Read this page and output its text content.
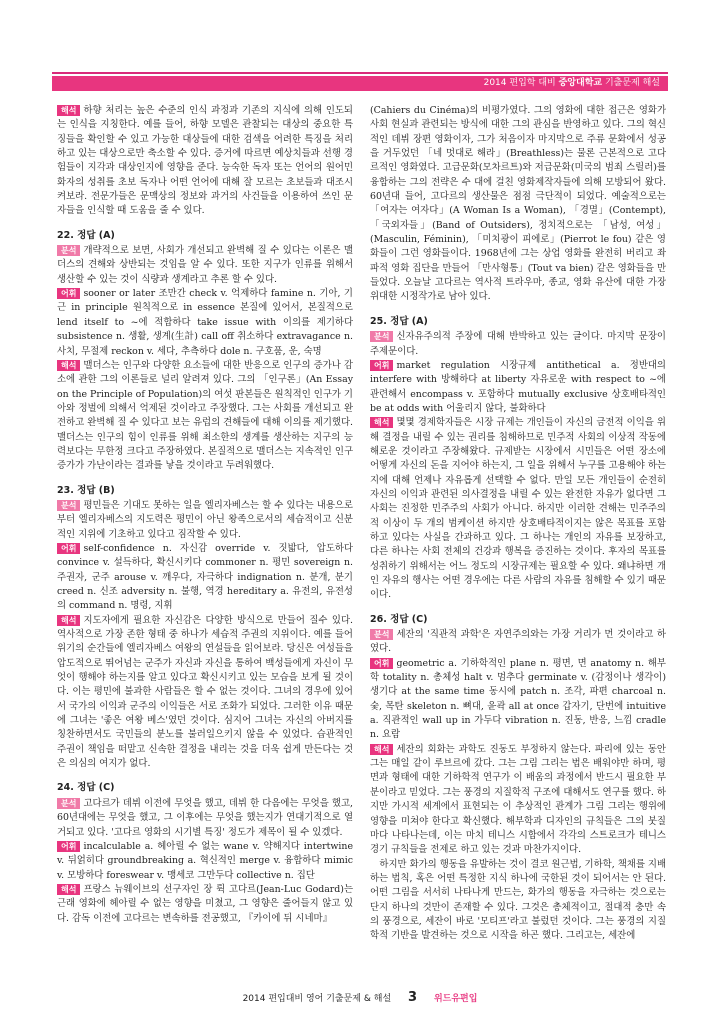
2014 편입학 대비 중앙대학교 기출문제 해설

해석 하향 처리는 높은 수준의 인식 과정과 기존의 지식에 의해 인도되는 인식을 지칭한다. 예를 들어, 하향 모델은 관찰되는 대상의 중요한 특징들을 확인할 수 있고 가능한 대상들에 대한 검색을 어려한 특징을 처리하고 있는 대상으로만 축소할 수 있다. 증거에 따르면 예상치들과 선행 경험들이 지각과 대상인지에 영향을 준다. 능숙한 독자 또는 언어의 원어민 화자의 성취를 초보 독자나 어떤 언어에 대해 잘 모르는 초보들과 대조시켜보라. 전문가들은 문맥상의 정보와 과거의 사건들을 이용하여 쓰인 문자들을 인식할 때 도움을 줄 수 있다.

22. 정답 (A)

분석 개략적으로 보면, 사회가 개선되고 완벽해 질 수 있다는 이론은 맬더스의 견해와 상반되는 것임을 알 수 있다. 또한 지구가 인류를 위해서 생산할 수 있는 것이 식량과 생계라고 추론 할 수 있다.

어휘 sooner or later 조만간 check v. 억제하다 famine n. 기아, 기근 in principle 원칙적으로 in essence 본질에 있어서, 본질적으로 lend itself to ~에 적합하다 take issue with 이의를 제기하다 subsistence n. 생활, 생계(生計) call off 취소하다 extravagance n. 사치, 무절제 reckon v. 세다, 추측하다 dole n. 구호품, 운, 숙명

해석 맬더스는 인구와 다양한 요소들에 대한 반응으로 인구의 증가나 감소에 관한 그의 이론들로 널리 알려져 있다. 그의 「인구론」(An Essay on the Principle of Population)의 여섯 판본들은 원칙적인 인구가 기아와 정벌에 의해서 억제된 것이라고 주장했다. 그는 사회를 개선되고 완전하고 완벽해 질 수 있다고 보는 유럽의 견해들에 대해 이의를 제기했다. 맬더스는 인구의 힘이 인류를 위해 최소한의 생계를 생산하는 지구의 능력보다는 무한정 크다고 주장하였다. 본질적으로 맬더스는 지속적인 인구증가가 가난이라는 결과를 낳을 것이라고 두려워했다.

23. 정답 (B)

분석 평민들은 기대도 못하는 일을 엘리자베스는 할 수 있다는 내용으로부터 엘리자베스의 지도력은 평민이 아닌 왕족으로서의 세습적이고 신분적인 지위에 기초하고 있다고 짐작할 수 있다.

어휘 self-confidence n. 자신감 override v. 짓밟다, 압도하다 convince v. 설득하다, 확신시키다 commoner n. 평민 sovereign n. 주권자, 군주 arouse v. 깨우다, 자극하다 indignation n. 분개, 분기 creed n. 신조 adversity n. 불행, 역경 hereditary a. 유전의, 유전성의 command n. 명령, 지휘

해석 지도자에게 필요한 자신감은 다양한 방식으로 만들어 질수 있다. 역사적으로 가장 존한 형태 중 하나가 세습적 주권의 지위이다. 예를 들어 위기의 순간들에 엘리자베스 여왕의 연설들을 읽어보라. 당신은 여성들을 압도적으로 뛰어넘는 군주가 자신과 자신을 통하여 백성들에게 자신이 무엇이 행해야 하는지를 알고 있다고 확신시키고 있는 모습을 보게 될 것이다. 이는 평민에 불과한 사람들은 할 수 없는 것이다. 그녀의 경우에 있어서 국가의 이익과 군주의 이익들은 서로 조화가 되었다. 그러한 이유 때문에 그녀는 '좋은 여왕 베스'였던 것이다. 심지어 그녀는 자신의 아버지를 칭찬하면서도 국민들의 분노를 불러일으키지 않을 수 있었다. 습관적인 주권이 책임을 떠맡고 신속한 결정을 내리는 것을 더욱 쉽게 만든다는 것은 의심의 여지가 없다.

24. 정답 (C)

분석 고다르가 데뷔 이전에 무엇을 했고, 데뷔 한 다음에는 무엇을 했고, 60년대에는 무엇을 했고, 그 이후에는 무엇을 했는지가 연대기적으로 열거되고 있다. '고다르 영화의 시기별 특징' 정도가 제목이 될 수 있겠다.

어휘 incalculable a. 헤아릴 수 없는 wane v. 약해지다 intertwine v. 뒤얽히다 groundbreaking a. 혁신적인 merge v. 융합하다 mimic v. 모방하다 foreswear v. 맹세코 그만두다 collective n. 집단

해석 프랑스 뉴웨이브의 선구자인 장 뤽 고다르(Jean-Luc Godard)는 근래 영화에 헤아릴 수 없는 영향을 미쳤고, 그 영향은 줄어들지 않고 있다. 감독 이전에 고다르는 변속하를 전공했고, 『카이에 뒤 시네마』

(Cahiers du Cinéma)의 비평가였다. 그의 영화에 대한 접근은 영화가 사회 현실과 관련되는 방식에 대한 그의 관심을 반영하고 있다. 그의 혁신적인 데뷔 장편 영화이자, 그가 처음이자 마지막으로 주류 문화에서 성공을 거두었던 「네 멋대로 해라」(Breathless)는 물론 근본적으로 고다르적인 영화였다. 고급문화(모차르트)와 저급문화(미국의 범죄 스릴러)를 융합하는 그의 전략은 수 대에 걸친 영화제작자들에 의해 모방되어 왔다. 60년대 들어, 고다르의 생산물은 점점 극단적이 되었다. 예술적으로는 「여자는 여자다」(A Woman Is a Woman), 「경멸」(Contempt), 「국외자들」(Band of Outsiders), 정치적으로는 「남성, 여성」(Masculin, Féminin), 「미치광이 피에로」(Pierrot le fou) 같은 영화들이 그런 영화들이다. 1968년에 그는 상업 영화를 완전히 버리고 좌파적 영화 집단을 만들어 「만사형통」(Tout va bien) 같은 영화들을 만들었다. 오늘날 고다르는 역사적 트라우마, 종교, 영화 유산에 대한 가장 위대한 시정작가로 남아 있다.

25. 정답 (A)

분석 신자유주의적 주장에 대해 반박하고 있는 글이다. 마지막 문장이 주제문이다.

어휘 market regulation 시장규제 antithetical a. 정반대의 interfere with 방해하다 at liberty 자유로운 with respect to ~에 관련해서 encompass v. 포함하다 mutually exclusive 상호배타적인 be at odds with 어울리지 않다, 불화하다

해석 몇몇 경제학자들은 시장 규제는 개인들이 자신의 금전적 이익을 위해 결정을 내릴 수 있는 권리를 침해하므로 민주적 사회의 이상적 작동에 해로운 것이라고 주장해왔다. 규제받는 시장에서 시민들은 어떤 장소에 어떻게 자신의 돈을 지어야 하는지, 그 일을 위해서 누구를 고용해야 하는지에 대해 언제나 자유롭게 선택할 수 없다. 만일 모든 개인들이 순전히 자신의 이익과 관련된 의사결정을 내릴 수 있는 완전한 자유가 없다면 그 사회는 진정한 민주주의 사회가 아니다. 하지만 이러한 견해는 민주주의적 이상이 두 개의 범케이션 하지만 상호배타적이지는 않은 목표를 포함하고 있다는 사실을 간과하고 있다. 그 하나는 개인의 자유를 보장하고, 다른 하나는 사회 전체의 건강과 행복을 증진하는 것이다. 후자의 목표를 성취하기 위해서는 어느 정도의 시장규제는 필요할 수 있다. 왜냐하면 개인 자유의 행사는 어떤 경우에는 다른 사람의 자유를 침해할 수 있기 때문이다.

26. 정답 (C)

분석 세잔의 '직관적 과학'은 자연주의와는 가장 거리가 먼 것이라고 하였다.

어휘 geometric a. 기하학적인 plane n. 평면, 면 anatomy n. 해부학 totality n. 총체성 halt v. 멈추다 germinate v. (감정이나 생각이) 생기다 at the same time 동시에 patch n. 조각, 파편 charcoal n. 숯, 목탄 skeleton n. 뼈대, 윤곽 all at once 갑자기, 단번에 intuitive a. 직관적인 wall up in 가두다 vibration n. 진동, 반응, 느낌 cradle n. 요람

해석 세잔의 회화는 과학도 진동도 부정하지 않는다. 파리에 있는 동안 그는 매일 같이 루브르에 갔다. 그는 그림 그리는 법은 배워야만 하며, 평면과 형태에 대한 기하학적 연구가 이 배움의 과정에서 반드시 필요한 부분이라고 믿었다. 그는 풍경의 지질학적 구조에 대해서도 연구를 했다. 하지만 가시적 세계에서 표현되는 이 추상적인 관계가 그림 그리는 행위에 영향을 미쳐야 한다고 확신했다. 해부학과 디자인의 규칙들은 그의 붓질마다 나타나는데, 이는 마치 테니스 시합에서 각각의 스트로크가 테니스 경기 규칙들을 전제로 하고 있는 것과 마찬가지이다.

하지만 화가의 행동을 유발하는 것이 결코 원근법, 기하학, 책채를 지배하는 법칙, 혹은 어떤 특정한 지식 하나에 국한된 것이 되어서는 안 된다. 어떤 그림을 서서히 나타나게 만드는, 화가의 행동을 자극하는 것으로는 단지 하나의 것만이 존재할 수 있다. 그것은 총체적이고, 절대적 충만 속의 풍경으로, 세잔이 바로 '모티프'라고 불렀던 것이다. 그는 풍경의 지질학적 기반을 발견하는 것으로 시작을 하곤 했다. 그리고는, 세잔에

2014 편입대비 영어 기출문제 & 해설 3 위드유편입
